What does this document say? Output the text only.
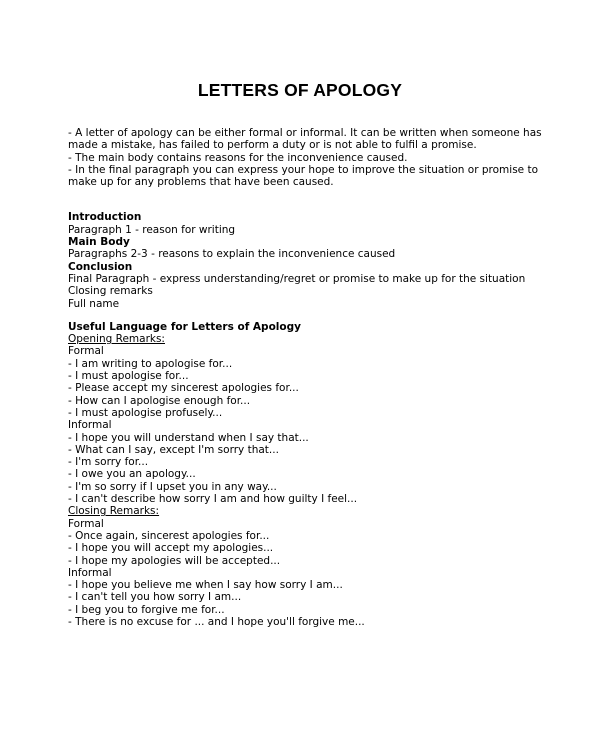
LETTERS OF APOLOGY
- A letter of apology can be either formal or informal. It can be written when someone has
made a mistake, has failed to perform a duty or is not able to fulfil a promise.
- The main body contains reasons for the inconvenience caused.
- In the final paragraph you can express your hope to improve the situation or promise to
make up for any problems that have been caused.
Introduction
Paragraph 1 - reason for writing
Main Body
Paragraphs 2-3 - reasons to explain the inconvenience caused
Conclusion
Final Paragraph - express understanding/regret or promise to make up for the situation
Closing remarks
Full name
Useful Language for Letters of Apology
Opening Remarks:
Formal
- I am writing to apologise for...
- I must apologise for...
- Please accept my sincerest apologies for...
- How can I apologise enough for...
- I must apologise profusely...
Informal
- I hope you will understand when I say that...
- What can I say, except I'm sorry that...
- I'm sorry for...
- I owe you an apology...
- I'm so sorry if I upset you in any way...
- I can't describe how sorry I am and how guilty I feel...
Closing Remarks:
Formal
- Once again, sincerest apologies for...
- I hope you will accept my apologies...
- I hope my apologies will be accepted...
Informal
- I hope you believe me when I say how sorry I am...
- I can't tell you how sorry I am...
- I beg you to forgive me for...
- There is no excuse for ... and I hope you'll forgive me...
